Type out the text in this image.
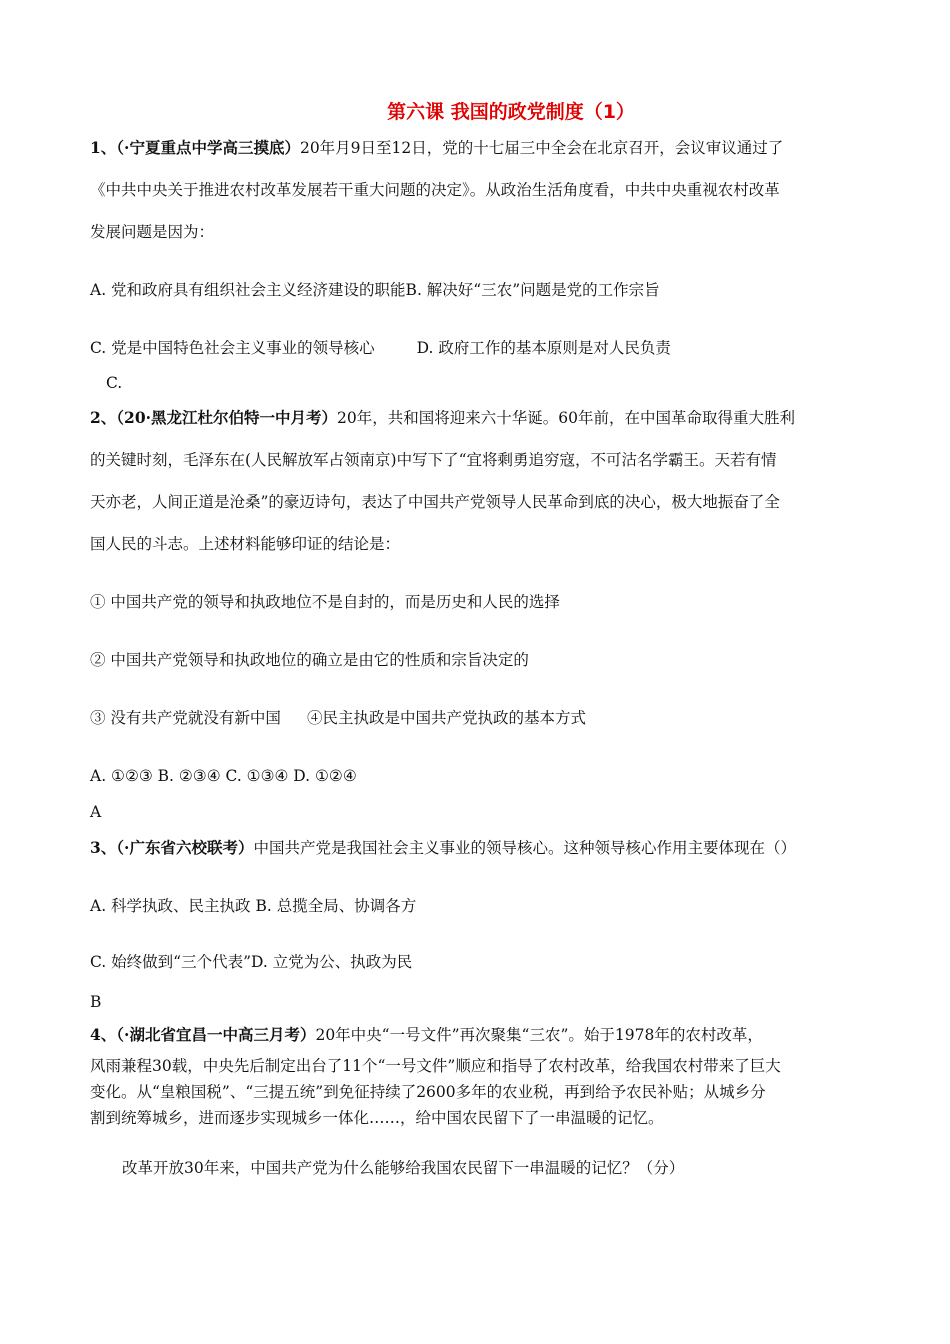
第六课 我国的政党制度（1）
1、（·宁夏重点中学高三摸底）20年月9日至12日，党的十七届三中全会在北京召开，会议审议通过了
《中共中央关于推进农村改革发展若干重大问题的决定》。从政治生活角度看，中共中央重视农村改革
发展问题是因为：
A. 党和政府具有组织社会主义经济建设的职能B. 解决好“三农”问题是党的工作宗旨
C. 党是中国特色社会主义事业的领导核心	D. 政府工作的基本原则是对人民负责
C.
2、（20·黑龙江杜尔伯特一中月考）20年，共和国将迎来六十华诞。60年前，在中国革命取得重大胜利
的关键时刻，毛泽东在(人民解放军占领南京)中写下了“宜将剩勇追穷寇，不可沽名学霸王。天若有情
天亦老，人间正道是沧桑”的豪迈诗句，表达了中国共产党领导人民革命到底的决心，极大地振奋了全
国人民的斗志。上述材料能够印证的结论是：
① 中国共产党的领导和执政地位不是自封的，而是历史和人民的选择
② 中国共产党领导和执政地位的确立是由它的性质和宗旨决定的
③ 没有共产党就没有新中国 ④民主执政是中国共产党执政的基本方式
A. ①②③ B. ②③④ C. ①③④ D. ①②④
A
3、（·广东省六校联考）中国共产党是我国社会主义事业的领导核心。这种领导核心作用主要体现在（）
A. 科学执政、民主执政 B. 总揽全局、协调各方
C. 始终做到“三个代表”D. 立党为公、执政为民
B
4、（·湖北省宜昌一中高三月考）20年中央“一号文件”再次聚集“三农”。始于1978年的农村改革，
风雨兼程30载，中央先后制定出台了11个“一号文件”顺应和指导了农村改革，给我国农村带来了巨大
变化。从“皇粮国税”、“三提五统”到免征持续了2600多年的农业税，再到给予农民补贴；从城乡分
割到统筹城乡，进而逐步实现城乡一体化……，给中国农民留下了一串温暖的记忆。
改革开放30年来，中国共产党为什么能够给我国农民留下一串温暖的记忆？（分）
